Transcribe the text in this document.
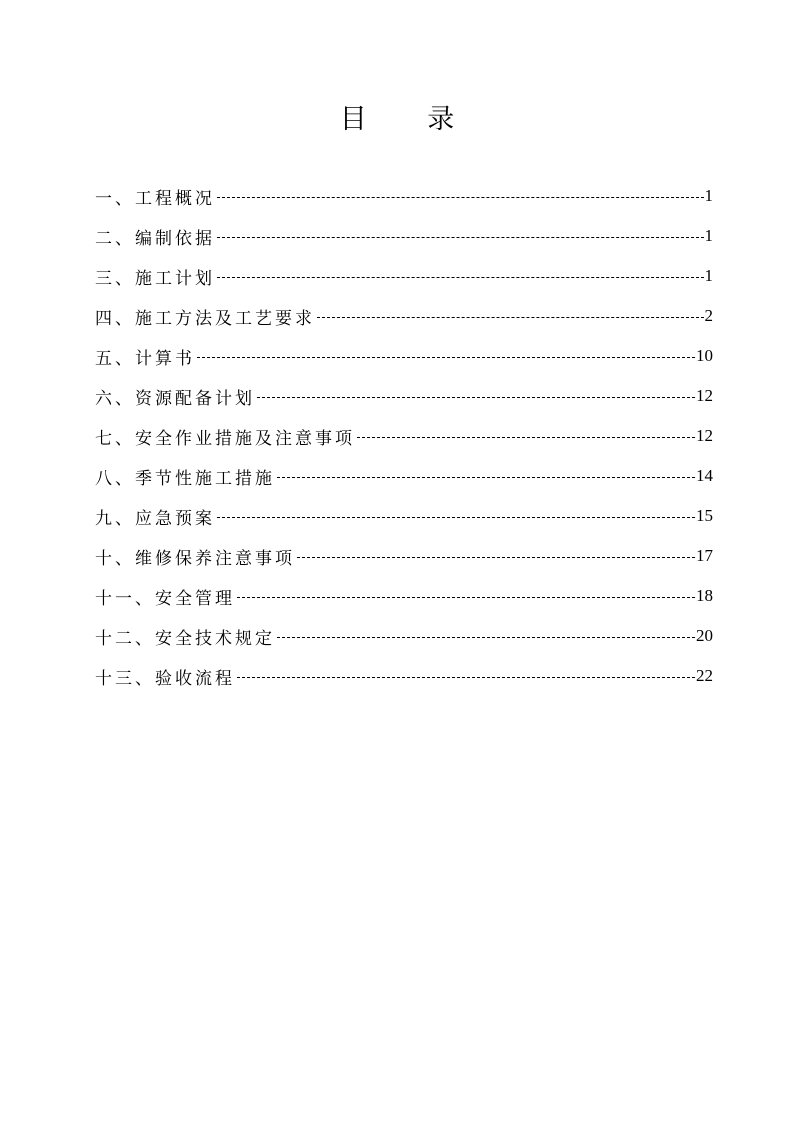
目 录
一、工程概况	1
二、编制依据	1
三、施工计划	1
四、施工方法及工艺要求	2
五、计算书	10
六、资源配备计划	12
七、安全作业措施及注意事项	12
八、季节性施工措施	14
九、应急预案	15
十、维修保养注意事项	17
十一、安全管理	18
十二、安全技术规定	20
十三、验收流程	22
